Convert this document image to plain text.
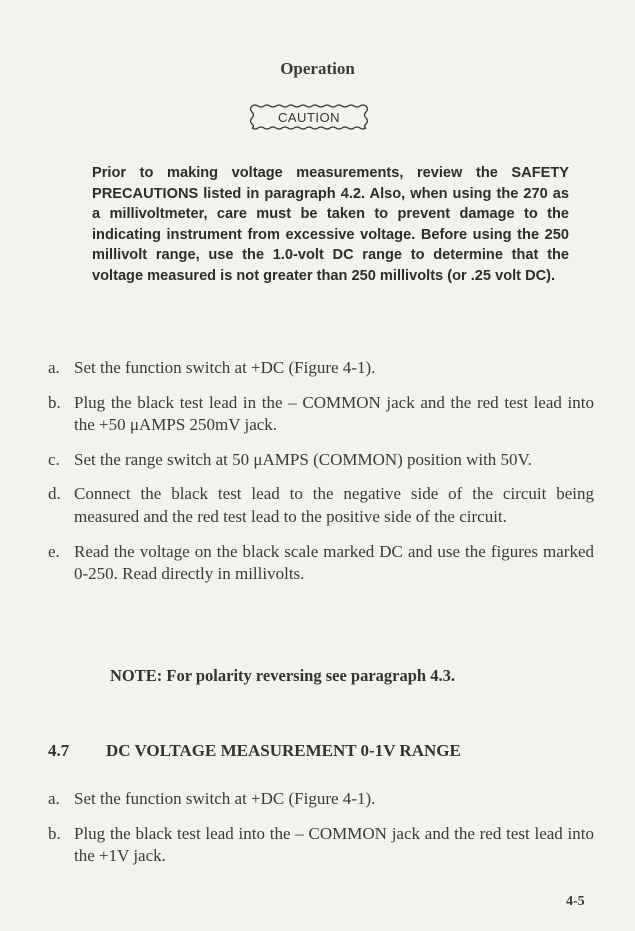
Operation
CAUTION
Prior to making voltage measurements, review the SAFETY PRECAUTIONS listed in paragraph 4.2. Also, when using the 270 as a millivoltmeter, care must be taken to prevent damage to the indicating instrument from excessive voltage. Before using the 250 millivolt range, use the 1.0-volt DC range to determine that the voltage measured is not greater than 250 millivolts (or .25 volt DC).
a. Set the function switch at +DC (Figure 4-1).
b. Plug the black test lead in the – COMMON jack and the red test lead into the +50 μAMPS 250mV jack.
c. Set the range switch at 50 μAMPS (COMMON) position with 50V.
d. Connect the black test lead to the negative side of the circuit being measured and the red test lead to the positive side of the circuit.
e. Read the voltage on the black scale marked DC and use the figures marked 0-250. Read directly in millivolts.
NOTE: For polarity reversing see paragraph 4.3.
4.7 DC VOLTAGE MEASUREMENT 0-1V RANGE
a. Set the function switch at +DC (Figure 4-1).
b. Plug the black test lead into the – COMMON jack and the red test lead into the +1V jack.
4-5
